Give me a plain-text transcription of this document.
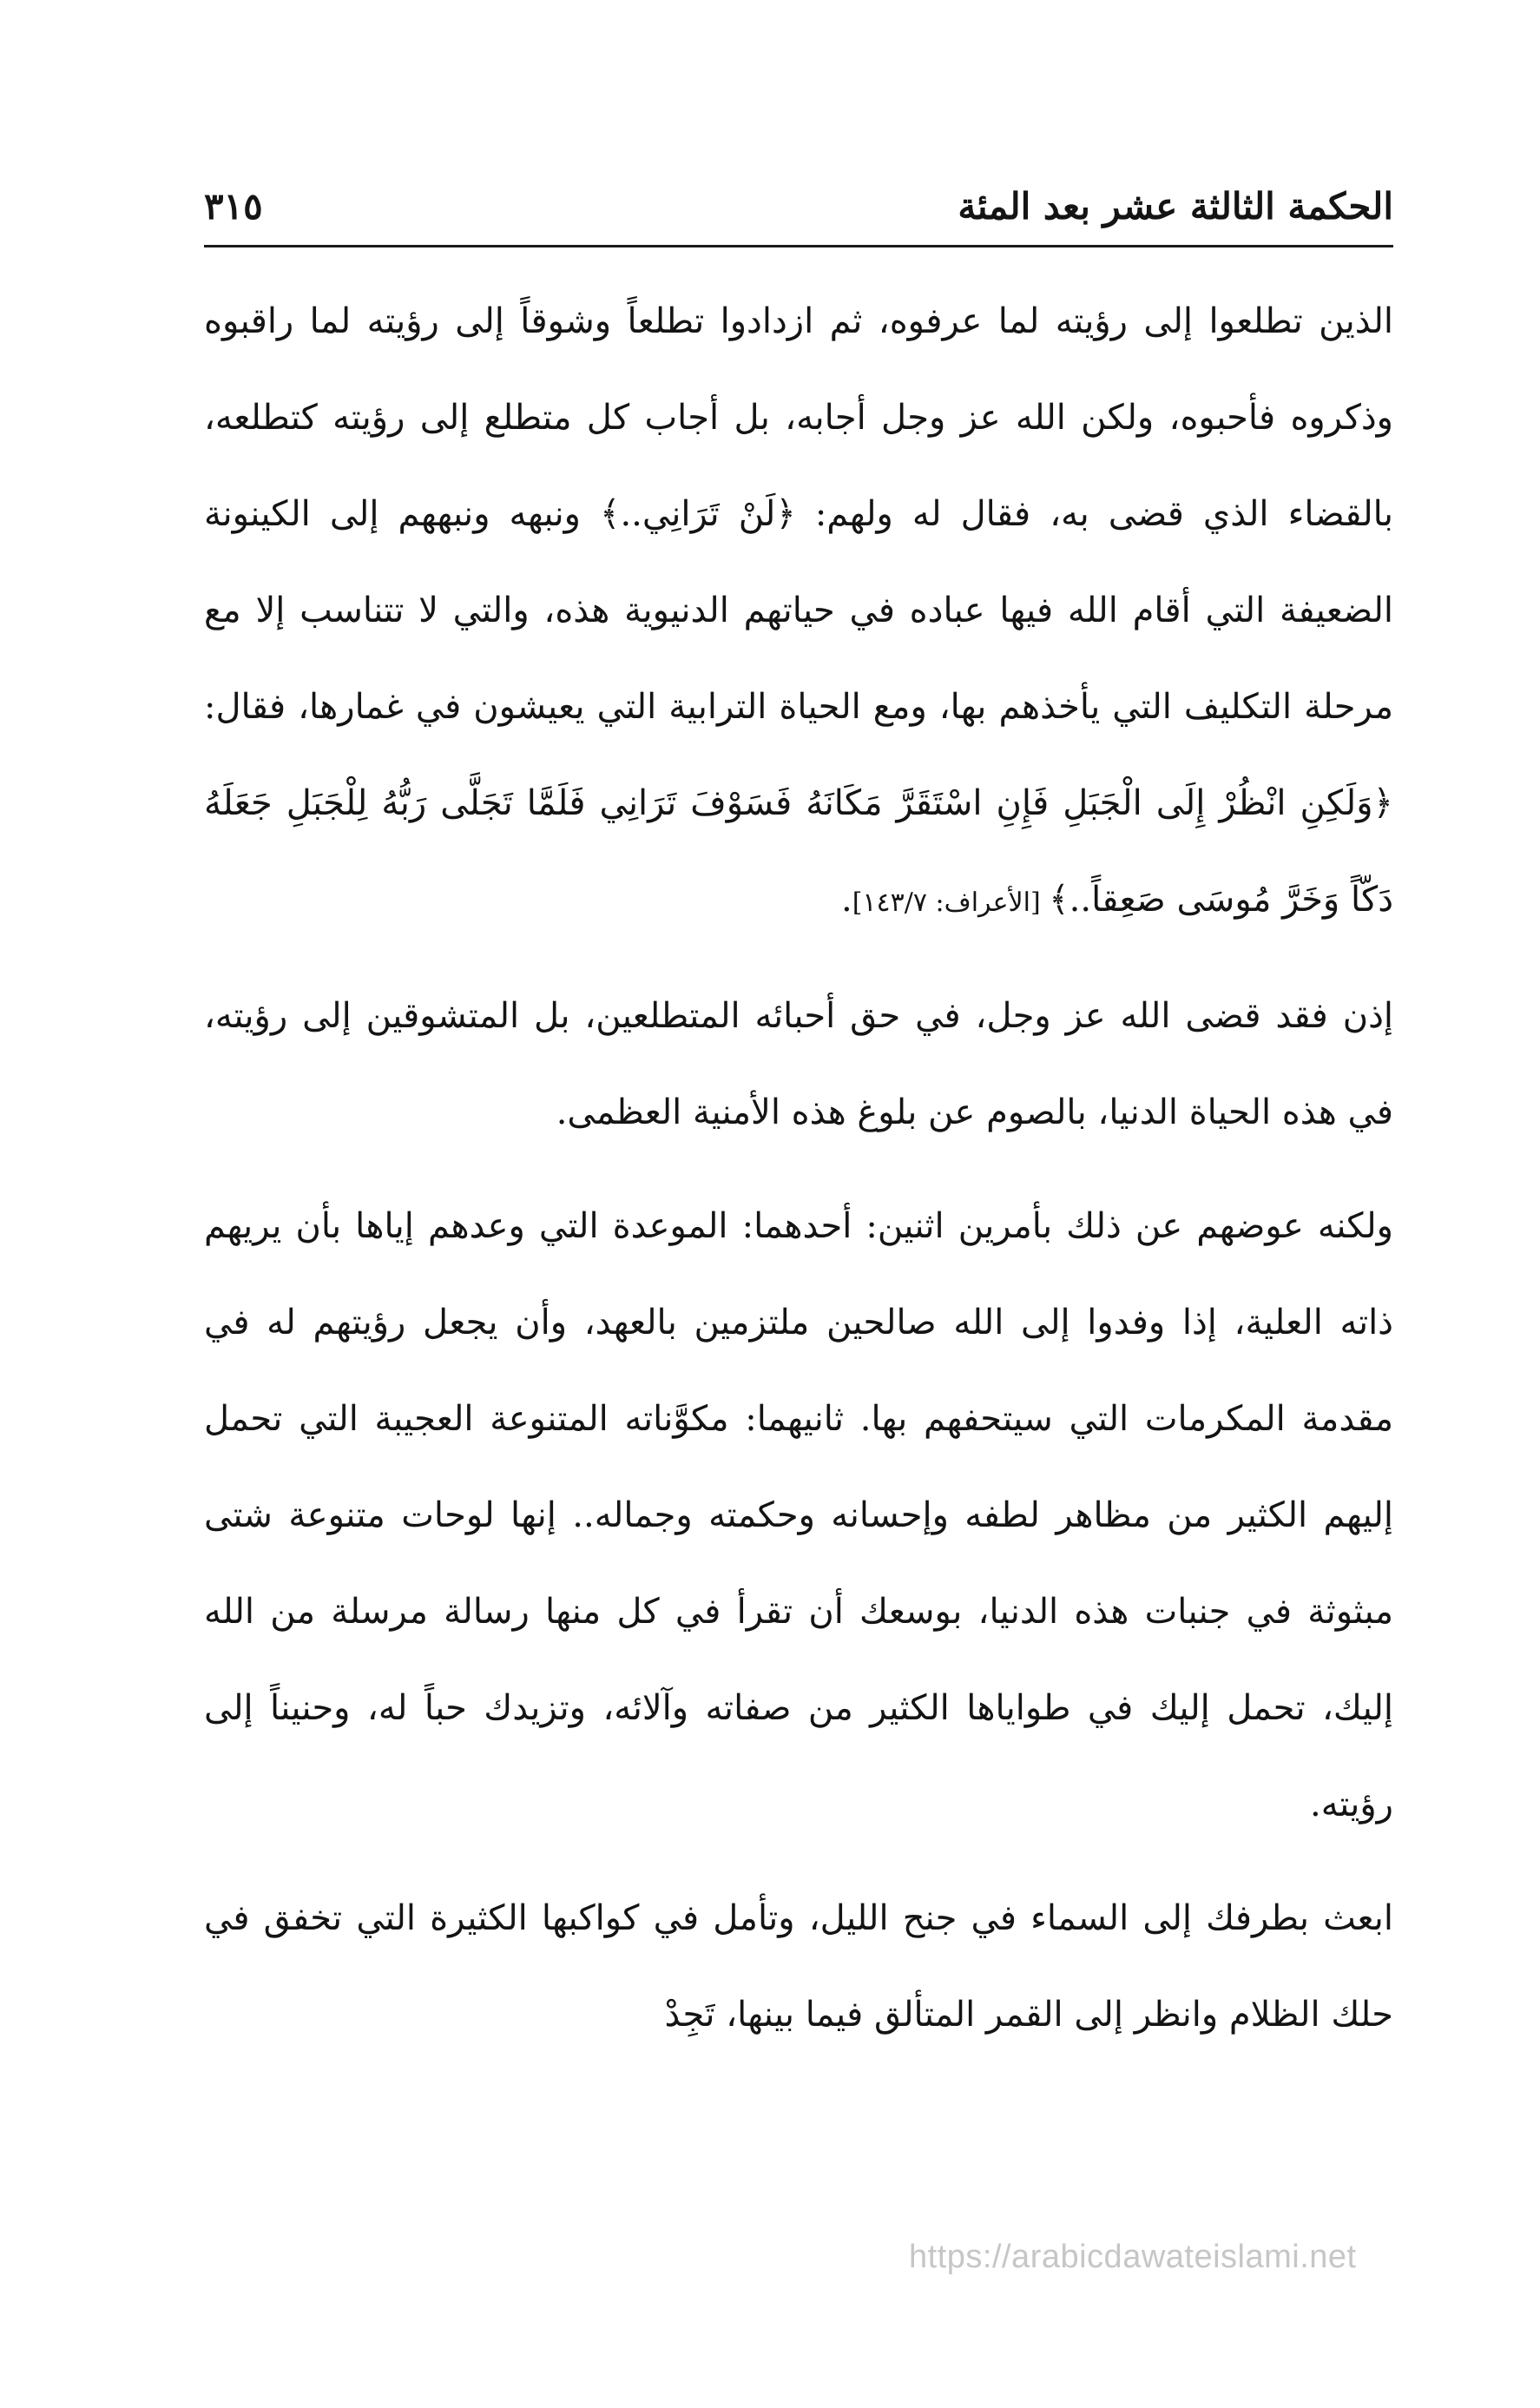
الحكمة الثالثة عشر بعد المئة
٣١٥

الذين تطلعوا إلى رؤيته لما عرفوه، ثم ازدادوا تطلعاً وشوقاً إلى رؤيته لما راقبوه وذكروه فأحبوه، ولكن الله عز وجل أجابه، بل أجاب كل متطلع إلى رؤيته كتطلعه، بالقضاء الذي قضى به، فقال له ولهم: ﴿لَنْ تَرَانِي..﴾ ونبهه ونبههم إلى الكينونة الضعيفة التي أقام الله فيها عباده في حياتهم الدنيوية هذه، والتي لا تتناسب إلا مع مرحلة التكليف التي يأخذهم بها، ومع الحياة الترابية التي يعيشون في غمارها، فقال: ﴿وَلَكِنِ انْظُرْ إِلَى الْجَبَلِ فَإِنِ اسْتَقَرَّ مَكَانَهُ فَسَوْفَ تَرَانِي فَلَمَّا تَجَلَّى رَبُّهُ لِلْجَبَلِ جَعَلَهُ دَكّاً وَخَرَّ مُوسَى صَعِقاً..﴾ [الأعراف: ١٤٣/٧].

إذن فقد قضى الله عز وجل، في حق أحبائه المتطلعين، بل المتشوقين إلى رؤيته، في هذه الحياة الدنيا، بالصوم عن بلوغ هذه الأمنية العظمى.

ولكنه عوضهم عن ذلك بأمرين اثنين: أحدهما: الموعدة التي وعدهم إياها بأن يريهم ذاته العلية، إذا وفدوا إلى الله صالحين ملتزمين بالعهد، وأن يجعل رؤيتهم له في مقدمة المكرمات التي سيتحفهم بها. ثانيهما: مكوَّناته المتنوعة العجيبة التي تحمل إليهم الكثير من مظاهر لطفه وإحسانه وحكمته وجماله.. إنها لوحات متنوعة شتى مبثوثة في جنبات هذه الدنيا، بوسعك أن تقرأ في كل منها رسالة مرسلة من الله إليك، تحمل إليك في طواياها الكثير من صفاته وآلائه، وتزيدك حباً له، وحنيناً إلى رؤيته.

ابعث بطرفك إلى السماء في جنح الليل، وتأمل في كواكبها الكثيرة التي تخفق في حلك الظلام وانظر إلى القمر المتألق فيما بينها، تَجِدْ

https://arabicdawateislami.net
